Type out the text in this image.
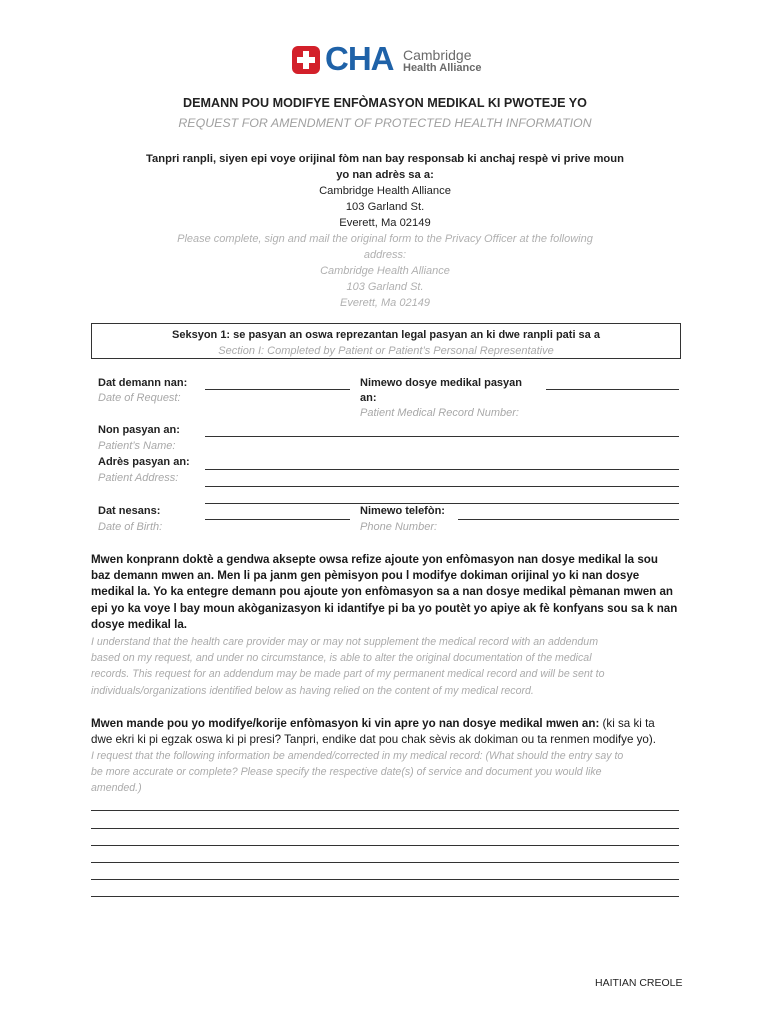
CHA Cambridge
Health Alliance
DEMANN POU MODIFYE ENFÒMASYON MEDIKAL KI PWOTEJE YO
REQUEST FOR AMENDMENT OF PROTECTED HEALTH INFORMATION
Tanpri ranpli, siyen epi voye orijinal fòm nan bay responsab ki anchaj respè vi prive moun
yo nan adrès sa a:
Cambridge Health Alliance
103 Garland St.
Everett, Ma 02149
Please complete, sign and mail the original form to the Privacy Officer at the following
address:
Cambridge Health Alliance
103 Garland St.
Everett, Ma 02149
Seksyon 1: se pasyan an oswa reprezantan legal pasyan an ki dwe ranpli pati sa a
Section I: Completed by Patient or Patient’s Personal Representative
Dat demann nan:
Date of Request:
Nimewo dosye medikal pasyan
an:
Patient Medical Record Number:
Non pasyan an:
Patient’s Name:
Adrès pasyan an:
Patient Address:
Dat nesans:
Date of Birth:
Nimewo telefòn:
Phone Number:
Mwen konprann doktè a gendwa aksepte owsa refize ajoute yon enfòmasyon nan dosye medikal la sou
baz demann mwen an. Men li pa janm gen pèmisyon pou l modifye dokiman orijinal yo ki nan dosye
medikal la. Yo ka entegre demann pou ajoute yon enfòmasyon sa a nan dosye medikal pèmanan mwen an
epi yo ka voye l bay moun akòganizasyon ki idantifye pi ba yo poutèt yo apiye ak fè konfyans sou sa k nan
dosye medikal la.
I understand that the health care provider may or may not supplement the medical record with an addendum
based on my request, and under no circumstance, is able to alter the original documentation of the medical
records. This request for an addendum may be made part of my permanent medical record and will be sent to
individuals/organizations identified below as having relied on the content of my medical record.
Mwen mande pou yo modifye/korije enfòmasyon ki vin apre yo nan dosye medikal mwen an: (ki sa ki ta
dwe ekri ki pi egzak oswa ki pi presi? Tanpri, endike dat pou chak sèvis ak dokiman ou ta renmen modifye yo).
I request that the following information be amended/corrected in my medical record: (What should the entry say to
be more accurate or complete? Please specify the respective date(s) of service and document you would like
amended.)
HAITIAN CREOLE
